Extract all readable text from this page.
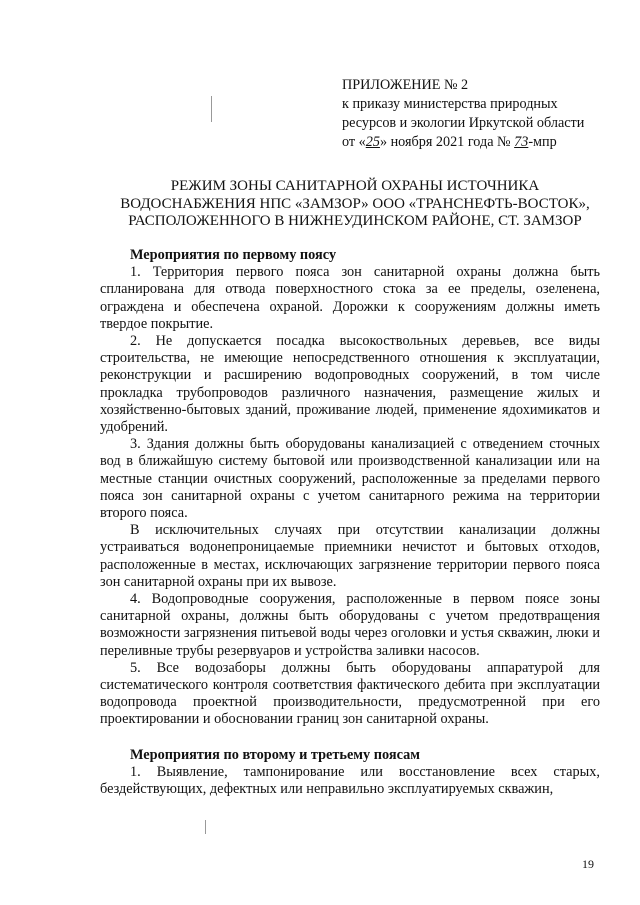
ПРИЛОЖЕНИЕ № 2
к приказу министерства природных
ресурсов и экологии Иркутской области
от «25» ноября 2021 года № 73-мпр
РЕЖИМ ЗОНЫ САНИТАРНОЙ ОХРАНЫ ИСТОЧНИКА
ВОДОСНАБЖЕНИЯ НПС «ЗАМЗОР» ООО «ТРАНСНЕФТЬ-ВОСТОК»,
РАСПОЛОЖЕННОГО В НИЖНЕУДИНСКОМ РАЙОНЕ, СТ. ЗАМЗОР
Мероприятия по первому поясу

1. Территория первого пояса зон санитарной охраны должна быть спланирована для отвода поверхностного стока за ее пределы, озеленена, ограждена и обеспечена охраной. Дорожки к сооружениям должны иметь твердое покрытие.

2. Не допускается посадка высокоствольных деревьев, все виды строительства, не имеющие непосредственного отношения к эксплуатации, реконструкции и расширению водопроводных сооружений, в том числе прокладка трубопроводов различного назначения, размещение жилых и хозяйственно-бытовых зданий, проживание людей, применение ядохимикатов и удобрений.

3. Здания должны быть оборудованы канализацией с отведением сточных вод в ближайшую систему бытовой или производственной канализации или на местные станции очистных сооружений, расположенные за пределами первого пояса зон санитарной охраны с учетом санитарного режима на территории второго пояса.

В исключительных случаях при отсутствии канализации должны устраиваться водонепроницаемые приемники нечистот и бытовых отходов, расположенные в местах, исключающих загрязнение территории первого пояса зон санитарной охраны при их вывозе.

4. Водопроводные сооружения, расположенные в первом поясе зоны санитарной охраны, должны быть оборудованы с учетом предотвращения возможности загрязнения питьевой воды через оголовки и устья скважин, люки и переливные трубы резервуаров и устройства заливки насосов.

5. Все водозаборы должны быть оборудованы аппаратурой для систематического контроля соответствия фактического дебита при эксплуатации водопровода проектной производительности, предусмотренной при его проектировании и обосновании границ зон санитарной охраны.

Мероприятия по второму и третьему поясам

1. Выявление, тампонирование или восстановление всех старых, бездействующих, дефектных или неправильно эксплуатируемых скважин,

19
